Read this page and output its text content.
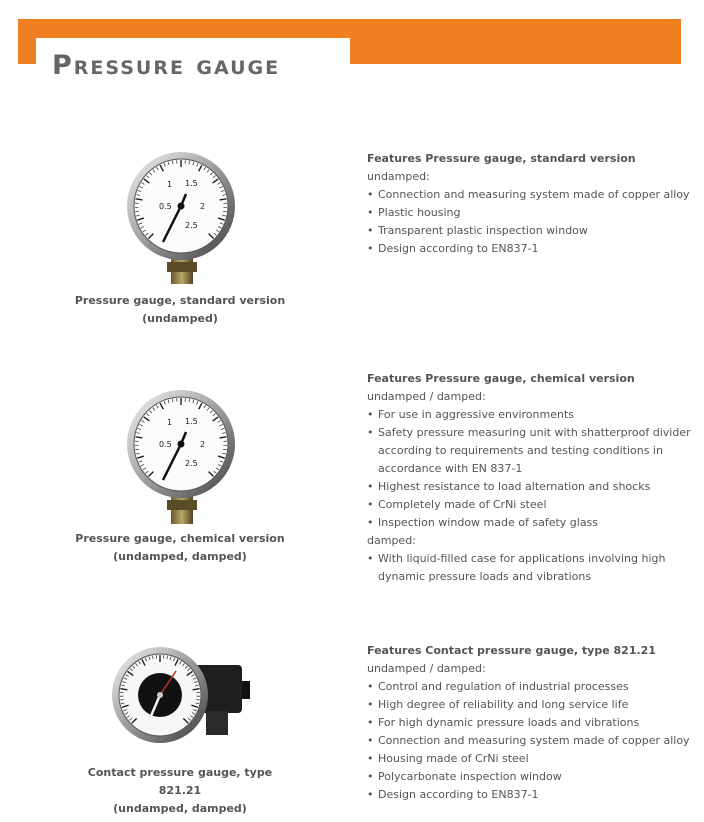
Pressure gauge
0.5
1 1.5
2
2.5
Pressure gauge, standard version
(undamped)
Features Pressure gauge, standard version
undamped:
• Connection and measuring system made of copper alloy
• Plastic housing
• Transparent plastic inspection window
• Design according to EN837-1
0.5
1 1.5
2
2.5
Pressure gauge, chemical version
(undamped, damped)
Features Pressure gauge, chemical version
undamped / damped:
• For use in aggressive environments
• Safety pressure measuring unit with shatterproof divider according to requirements and testing conditions in accordance with EN 837-1
• Highest resistance to load alternation and shocks
• Completely made of CrNi steel
• Inspection window made of safety glass
damped:
• With liquid-filled case for applications involving high dynamic pressure loads and vibrations
Contact pressure gauge, type 821.21
(undamped, damped)
Features Contact pressure gauge, type 821.21
undamped / damped:
• Control and regulation of industrial processes
• High degree of reliability and long service life
• For high dynamic pressure loads and vibrations
• Connection and measuring system made of copper alloy
• Housing made of CrNi steel
• Polycarbonate inspection window
• Design according to EN837-1
